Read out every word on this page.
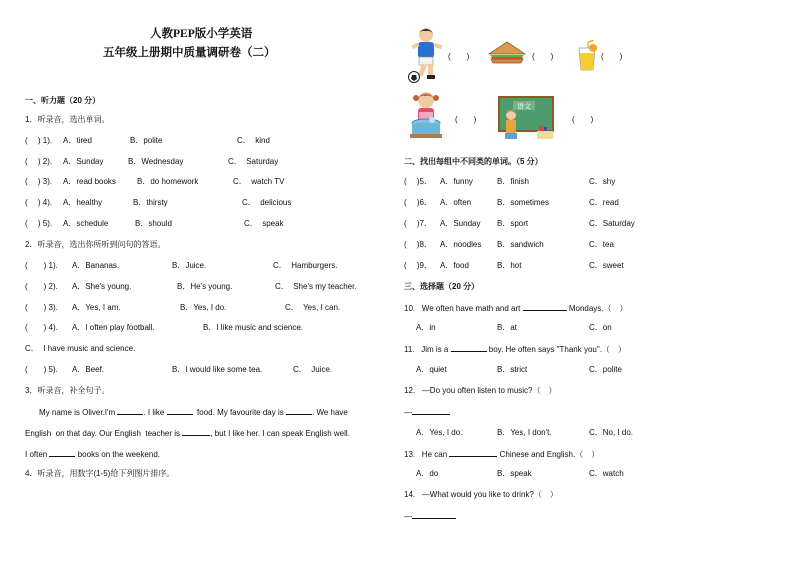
人教PEP版小学英语
五年级上册期中质量调研卷（二）
一、听力题（20 分）
1．听录音，选出单词。
(　 ) 1). A．tired	B．polite	C．  kind
(　 ) 2). A．Sunday	B．Wednesday	C．  Saturday
(　 ) 3). A．read books	B．do homework	C．  watch TV
(　 ) 4). A．healthy	B．thirsty	C．  delicious
(　 ) 5). A．schedule	B．should	C．  speak
2．听录音，选出你所听到问句的答语。
(　　) 1). A．Bananas.	B．Juice.	C．  Hamburgers.
(　　) 2). A．She's young.	B．He's young.	C．  She's my teacher.
(　　) 3). A．Yes, I am.	B．Yes, I do.	C．  Yes, I can.
(　　) 4). A．I often play football.	B．I like music and science.
C．  I have music and science.
(　　) 5). A．Beef.	B．I would like some tea.	C．  Juice.
3．听录音，补全句子。
My name is Oliver.I'm	. I like	food. My favourite day is	. We have
English  on that day. Our English  teacher is	, but I like her. I can speak English well.
I often	books on the weekend.
4．听录音，用数字(1-5)给下列图片排序。
(　　)	(　　)	(　　)
(　　)
语文
(　　)
二、找出每组中不同类的单词。（5 分）
(　 )5． A．funny	B．finish	C．shy
(　 )6． A．often	B．sometimes	C．read
(　 )7． A．Sunday B．sport	C．Saturday
(　 )8． A．noodles B．sandwich	C．tea
(　 )9． A．food	B．hot	C．sweet
三、选择题（20 分）
10.   We often have math and art	Mondays.（　）
A．in	B．at	C．on
11.   Jim is a	boy. He often says "Thank you".（　）
A．quiet	B．strict	C．polite
12.   —Do you often listen to music?（　）
—
A．Yes, I do.	B．Yes, I don't.	C．No, I do.
13.   He can	Chinese and English.（　）
A．do	B．speak	C．watch
14.   —What would you like to drink?（　）
—
